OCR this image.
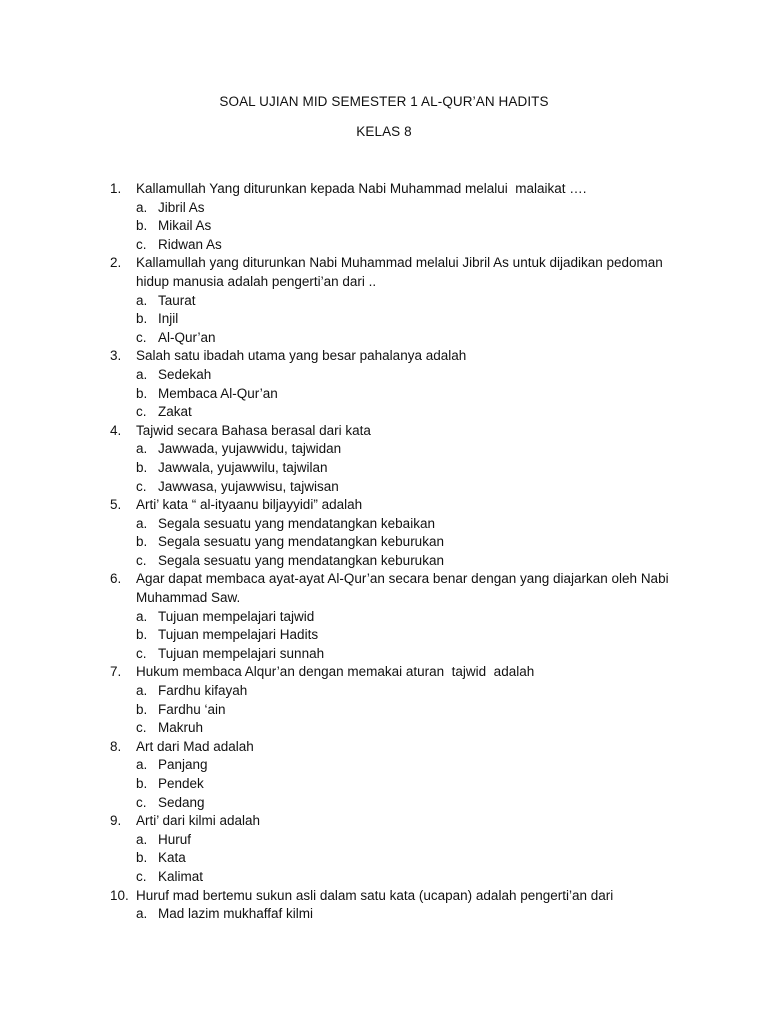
SOAL UJIAN MID SEMESTER 1 AL-QUR’AN HADITS
KELAS 8
1.	Kallamullah Yang diturunkan kepada Nabi Muhammad melalui  malaikat ….
a. Jibril As
b. Mikail As
c. Ridwan As
2.	Kallamullah yang diturunkan Nabi Muhammad melalui Jibril As untuk dijadikan pedoman hidup manusia adalah pengerti’an dari ..
a. Taurat
b. Injil
c. Al-Qur’an
3.	Salah satu ibadah utama yang besar pahalanya adalah
a. Sedekah
b. Membaca Al-Qur’an
c. Zakat
4.	Tajwid secara Bahasa berasal dari kata
a. Jawwada, yujawwidu, tajwidan
b. Jawwala, yujawwilu, tajwilan
c. Jawwasa, yujawwisu, tajwisan
5.	Arti’ kata “ al-ityaanu biljayyidi” adalah
a. Segala sesuatu yang mendatangkan kebaikan
b. Segala sesuatu yang mendatangkan keburukan
c. Segala sesuatu yang mendatangkan keburukan
6.	Agar dapat membaca ayat-ayat Al-Qur’an secara benar dengan yang diajarkan oleh Nabi Muhammad Saw.
a. Tujuan mempelajari tajwid
b. Tujuan mempelajari Hadits
c. Tujuan mempelajari sunnah
7.	Hukum membaca Alqur’an dengan memakai aturan  tajwid  adalah
a. Fardhu kifayah
b. Fardhu ‘ain
c. Makruh
8.	Art dari Mad adalah
a. Panjang
b. Pendek
c. Sedang
9.	Arti’ dari kilmi adalah
a. Huruf
b. Kata
c. Kalimat
10. Huruf mad bertemu sukun asli dalam satu kata (ucapan) adalah pengerti’an dari
a. Mad lazim mukhaffaf kilmi
